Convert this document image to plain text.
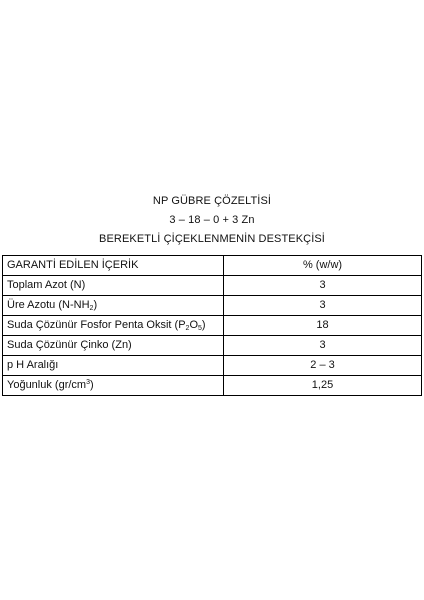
NP GÜBRE ÇÖZELTİSİ
3 – 18 – 0 + 3 Zn
BEREKETLİ ÇİÇEKLENMENİN DESTEKÇİSİ
GARANTİ EDİLEN İÇERİK	% (w/w)
Toplam Azot (N)	3
Üre Azotu $(N-NH_2)$	3
Suda Çözünür Fosfor Penta Oksit $(P_2O_5)$	18
Suda Çözünür Çinko (Zn)	3
p H Aralığı	2 – 3
Yoğunluk $(gr/cm^3)$	1,25
